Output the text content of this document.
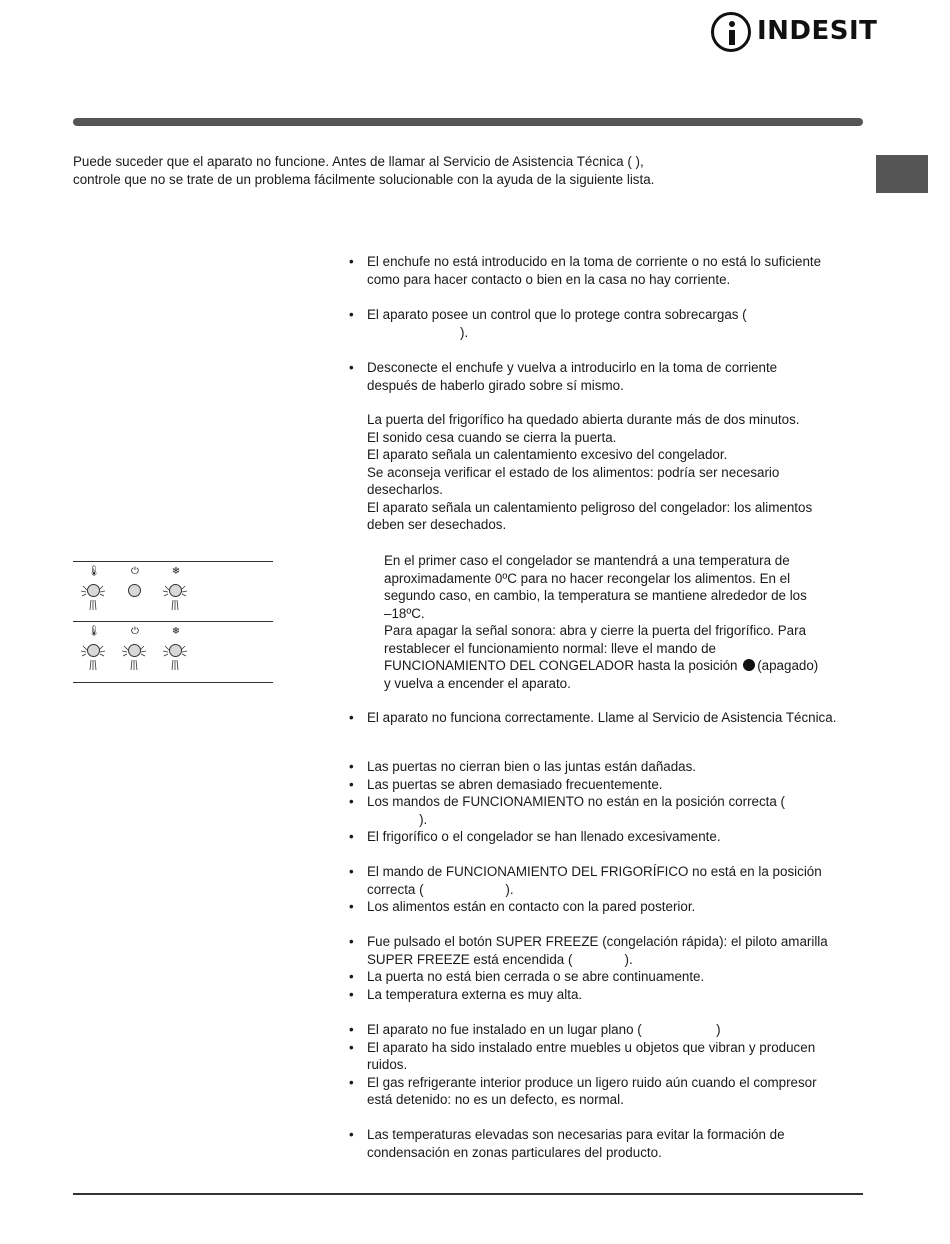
INDESIT

Puede suceder que el aparato no funcione. Antes de llamar al Servicio de Asistencia Técnica ( ),

controle que no se trate de un problema fácilmente solucionable con la ayuda de la siguiente lista.

• El enchufe no está introducido en la toma de corriente o no está lo suficiente
como para hacer contacto o bien en la casa no hay corriente.

• El aparato posee un control que lo protege contra sobrecargas (
).

• Desconecte el enchufe y vuelva a introducirlo en la toma de corriente
después de haberlo girado sobre sí mismo.

La puerta del frigorífico ha quedado abierta durante más de dos minutos.

El sonido cesa cuando se cierra la puerta.

El aparato señala un calentamiento excesivo del congelador.

Se aconseja verificar el estado de los alimentos: podría ser necesario

desecharlos.

El aparato señala un calentamiento peligroso del congelador: los alimentos

deben ser desechados.

🌡	⏻	❄
🌡	⏻	❄

En el primer caso el congelador se mantendrá a una temperatura de

aproximadamente 0ºC para no hacer recongelar los alimentos. En el

segundo caso, en cambio, la temperatura se mantiene alrededor de los

–18ºC.

Para apagar la señal sonora: abra y cierre la puerta del frigorífico. Para

restablecer el funcionamiento normal: lleve el mando de

FUNCIONAMIENTO DEL CONGELADOR hasta la posición (apagado)

y vuelva a encender el aparato.

• El aparato no funciona correctamente. Llame al Servicio de Asistencia Técnica.

• Las puertas no cierran bien o las juntas están dañadas.

• Las puertas se abren demasiado frecuentemente.

• Los mandos de FUNCIONAMIENTO no están en la posición correcta (
).

• El frigorífico o el congelador se han llenado excesivamente.

• El mando de FUNCIONAMIENTO DEL FRIGORÍFICO no está en la posición
correcta (                      ).

• Los alimentos están en contacto con la pared posterior.

• Fue pulsado el botón SUPER FREEZE (congelación rápida): el piloto amarilla
SUPER FREEZE está encendida (              ).

• La puerta no está bien cerrada o se abre continuamente.

• La temperatura externa es muy alta.

• El aparato no fue instalado en un lugar plano (                    )

• El aparato ha sido instalado entre muebles u objetos que vibran y producen
ruidos.

• El gas refrigerante interior produce un ligero ruido aún cuando el compresor
está detenido: no es un defecto, es normal.

• Las temperaturas elevadas son necesarias para evitar la formación de
condensación en zonas particulares del producto.
